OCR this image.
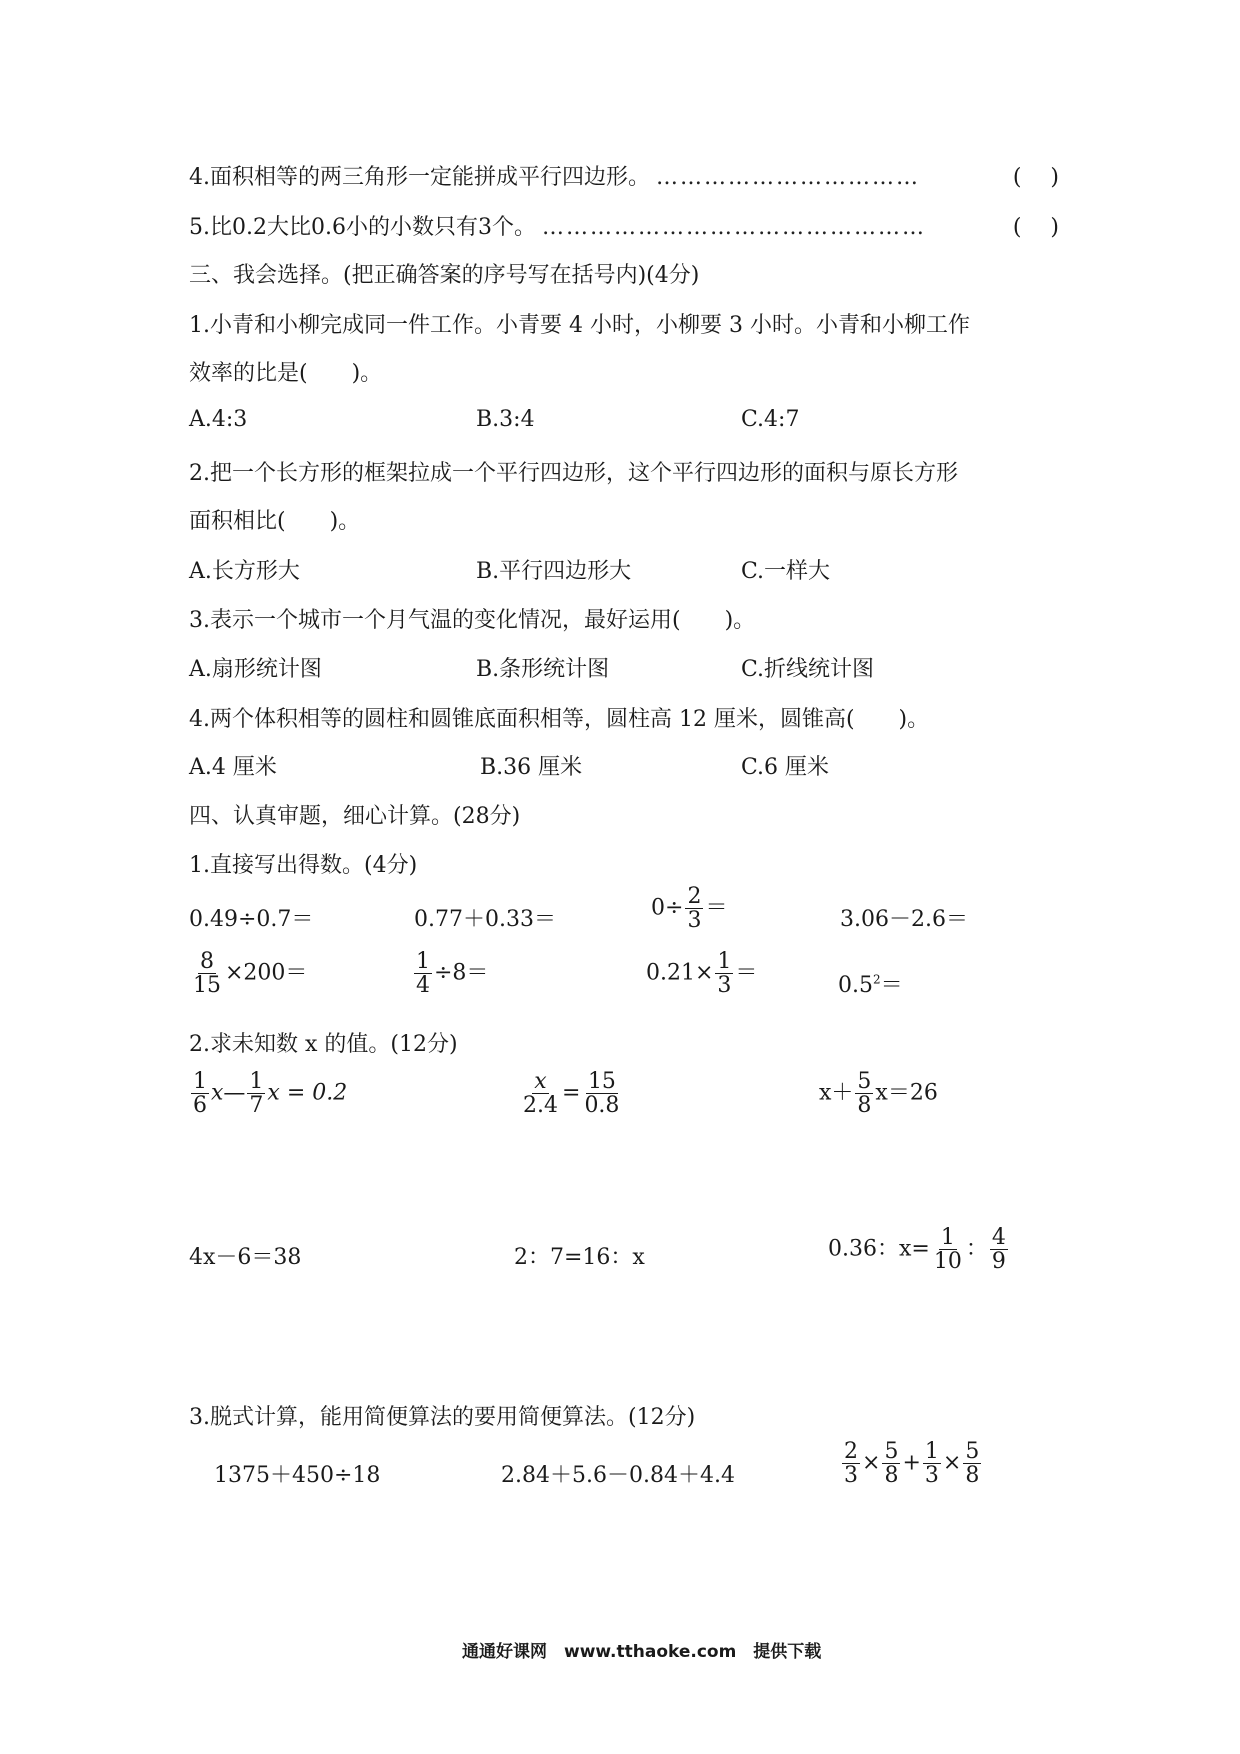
4.面积相等的两三角形一定能拼成平行四边形。 ……………………………	(　 )
5.比0.2大比0.6小的小数只有3个。 …………………………………………	(　 )
三、我会选择。(把正确答案的序号写在括号内)(4分)
1.小青和小柳完成同一件工作。小青要 4 小时，小柳要 3 小时。小青和小柳工作
效率的比是(　　)。
A.4:3	B.3:4	C.4:7
2.把一个长方形的框架拉成一个平行四边形，这个平行四边形的面积与原长方形
面积相比(　　)。
A.长方形大	B.平行四边形大	C.一样大
3.表示一个城市一个月气温的变化情况，最好运用(　　)。
A.扇形统计图	B.条形统计图	C.折线统计图
4.两个体积相等的圆柱和圆锥底面积相等，圆柱高 12 厘米，圆锥高(　　)。
A.4 厘米	B.36 厘米	C.6 厘米
四、认真审题，细心计算。(28分)
1.直接写出得数。(4分)
0.49÷0.7＝	0.77＋0.33＝	$0\div \frac{2}{3}$ ＝	3.06－2.6＝
$\frac{8}{15} \times 200=$	$\frac{1}{4} \div 8=$	$0.21\times \frac{1}{3}$ ＝	$0.5^2=$
2.求未知数 x 的值。(12分)
$\frac{1}{6}$ x— $\frac{1}{7}$ x = 0.2	$\frac{x}{2.4} = \frac{15}{0.8}$	$x+ \frac{5}{8} x=26$
4x－6＝38	2：7=16：x	0.36：$x= \frac{1}{10}$ ： $\frac{4}{9}$
3.脱式计算，能用简便算法的要用简便算法。(12分)
1375＋450÷18	2.84＋5.6－0.84＋4.4	$\frac{2}{3} \times \frac{5}{8} + \frac{1}{3} \times \frac{5}{8}$
通通好课网　www.tthaoke.com　提供下载
